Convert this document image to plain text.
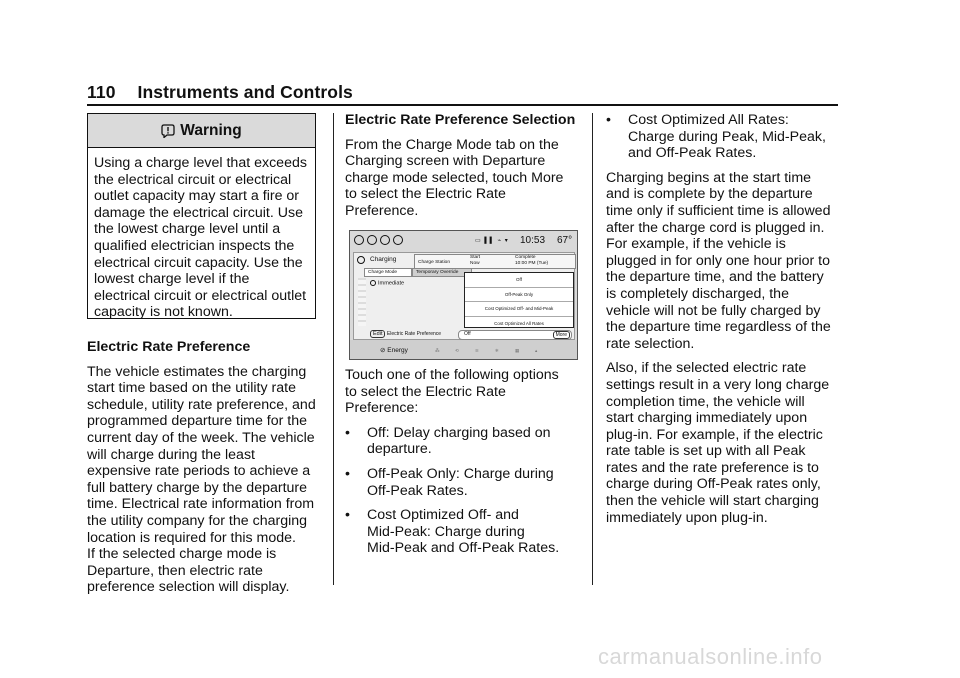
110 Instruments and Controls
Warning
Using a charge level that exceeds
the electrical circuit or electrical
outlet capacity may start a fire or
damage the electrical circuit. Use
the lowest charge level until a
qualified electrician inspects the
electrical circuit capacity. Use the
lowest charge level if the
electrical circuit or electrical outlet
capacity is not known.
Electric Rate Preference
The vehicle estimates the charging
start time based on the utility rate
schedule, utility rate preference, and
programmed departure time for the
current day of the week. The vehicle
will charge during the least
expensive rate periods to achieve a
full battery charge by the departure
time. Electrical rate information from
the utility company for the charging
location is required for this mode.
If the selected charge mode is
Departure, then electric rate
preference selection will display.
Electric Rate Preference Selection
From the Charge Mode tab on the
Charging screen with Departure
charge mode selected, touch More
to select the Electric Rate
Preference.
▭ ▌▌ ⌁ ▾ 10:53 67°
Charging	Charge Station
Start
Now
Complete
10:00 PM (Tue)
Charge Mode	Temporary Override
Immediate
Edit Electric Rate Preference	Off	More
Off
Off-Peak Only
Cost Optimized Off- and Mid-Peak
Cost Optimized All Rates
⊘ Energy	⁂	⟲	≋	❄	▦	▴
Touch one of the following options
to select the Electric Rate
Preference:
• Off: Delay charging based on
departure.
• Off-Peak Only: Charge during
Off-Peak Rates.
• Cost Optimized Off- and
Mid-Peak: Charge during
Mid-Peak and Off-Peak Rates.
• Cost Optimized All Rates:
Charge during Peak, Mid-Peak,
and Off-Peak Rates.

Charging begins at the start time
and is complete by the departure
time only if sufficient time is allowed
after the charge cord is plugged in.
For example, if the vehicle is
plugged in for only one hour prior to
the departure time, and the battery
is completely discharged, the
vehicle will not be fully charged by
the departure time regardless of the
rate selection.

Also, if the selected electric rate
settings result in a very long charge
completion time, the vehicle will
start charging immediately upon
plug-in. For example, if the electric
rate table is set up with all Peak
rates and the rate preference is to
charge during Off-Peak rates only,
then the vehicle will start charging
immediately upon plug-in.

carmanualsonline.info
